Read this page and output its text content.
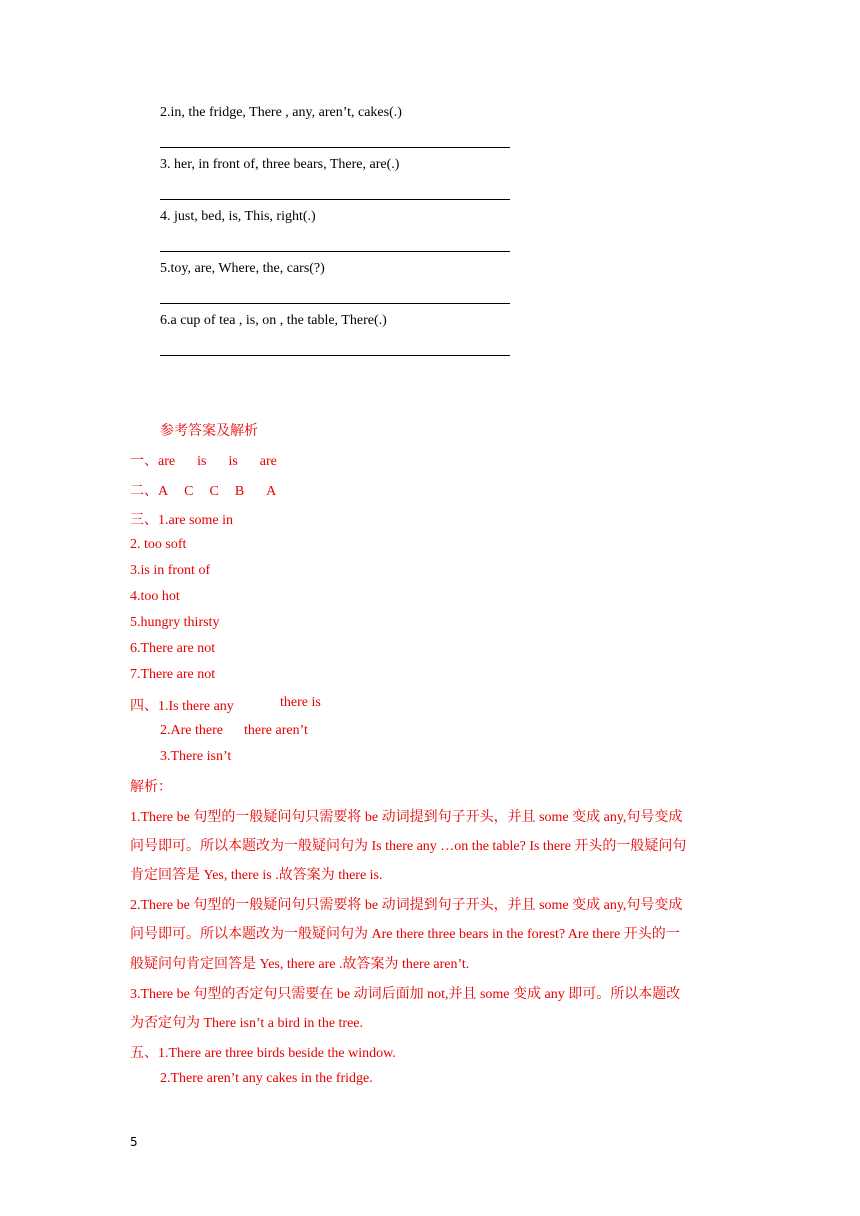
2.in, the fridge, There , any, aren’t, cakes(.)
3. her, in front of, three bears, There, are(.)
4. just, bed, is, This, right(.)
5.toy, are, Where, the, cars(?)
6.a cup of tea , is, on , the table, There(.)
参考答案及解析
一、are is is are
二、A C C B A
三、1.are some in
2. too soft
3.is in front of
4.too hot
5.hungry thirsty
6.There are not
7.There are not
四、1.Is there any	there is
2.Are there there aren’t
3.There isn’t
解析：
1.There be 句型的一般疑问句只需要将 be 动词提到句子开头，并且 some 变成 any,句号变成
问号即可。所以本题改为一般疑问句为 Is there any …on the table? Is there 开头的一般疑问句
肯定回答是 Yes, there is .故答案为 there is.
2.There be 句型的一般疑问句只需要将 be 动词提到句子开头，并且 some 变成 any,句号变成
问号即可。所以本题改为一般疑问句为 Are there three bears in the forest? Are there 开头的一
般疑问句肯定回答是 Yes, there are .故答案为 there aren’t.
3.There be 句型的否定句只需要在 be 动词后面加 not,并且 some 变成 any 即可。所以本题改
为否定句为 There isn’t a bird in the tree.
五、1.There are three birds beside the window.
2.There aren’t any cakes in the fridge.
5
